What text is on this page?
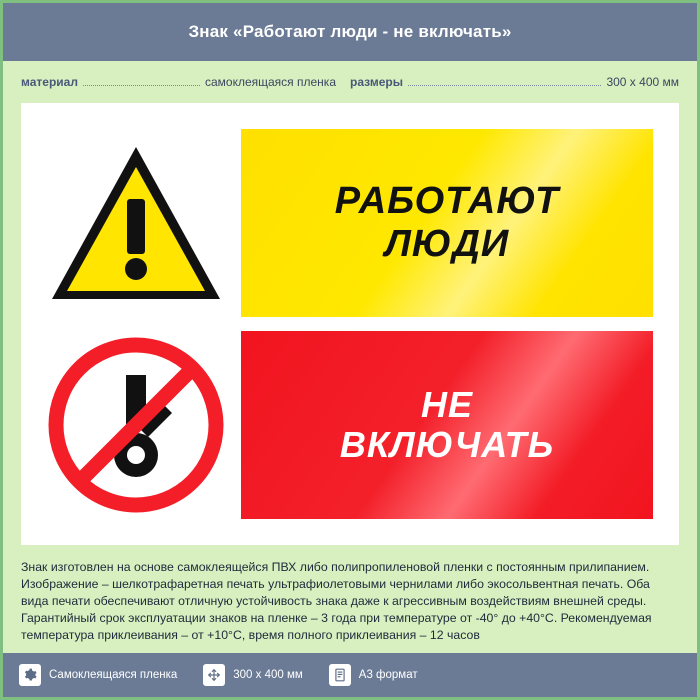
Знак «Работают люди - не включать»
материал	самоклеящаяся пленка размеры	300 x 400 мм
РАБОТАЮТ
ЛЮДИ
НЕ
ВКЛЮЧАТЬ
Знак изготовлен на основе самоклеящейся ПВХ либо полипропиленовой пленки с постоянным прилипанием. Изображение – шелкотрафаретная печать ультрафиолетовыми чернилами либо экосольвентная печать. Оба вида печати обеспечивают отличную устойчивость знака даже к агрессивным воздействиям внешней среды. Гарантийный срок эксплуатации знаков на пленке – 3 года при температуре от -40° до +40°С. Рекомендуемая температура приклеивания – от +10°С, время полного приклеивания – 12 часов
Самоклеящаяся пленка	300 x 400 мм	A3 формат
